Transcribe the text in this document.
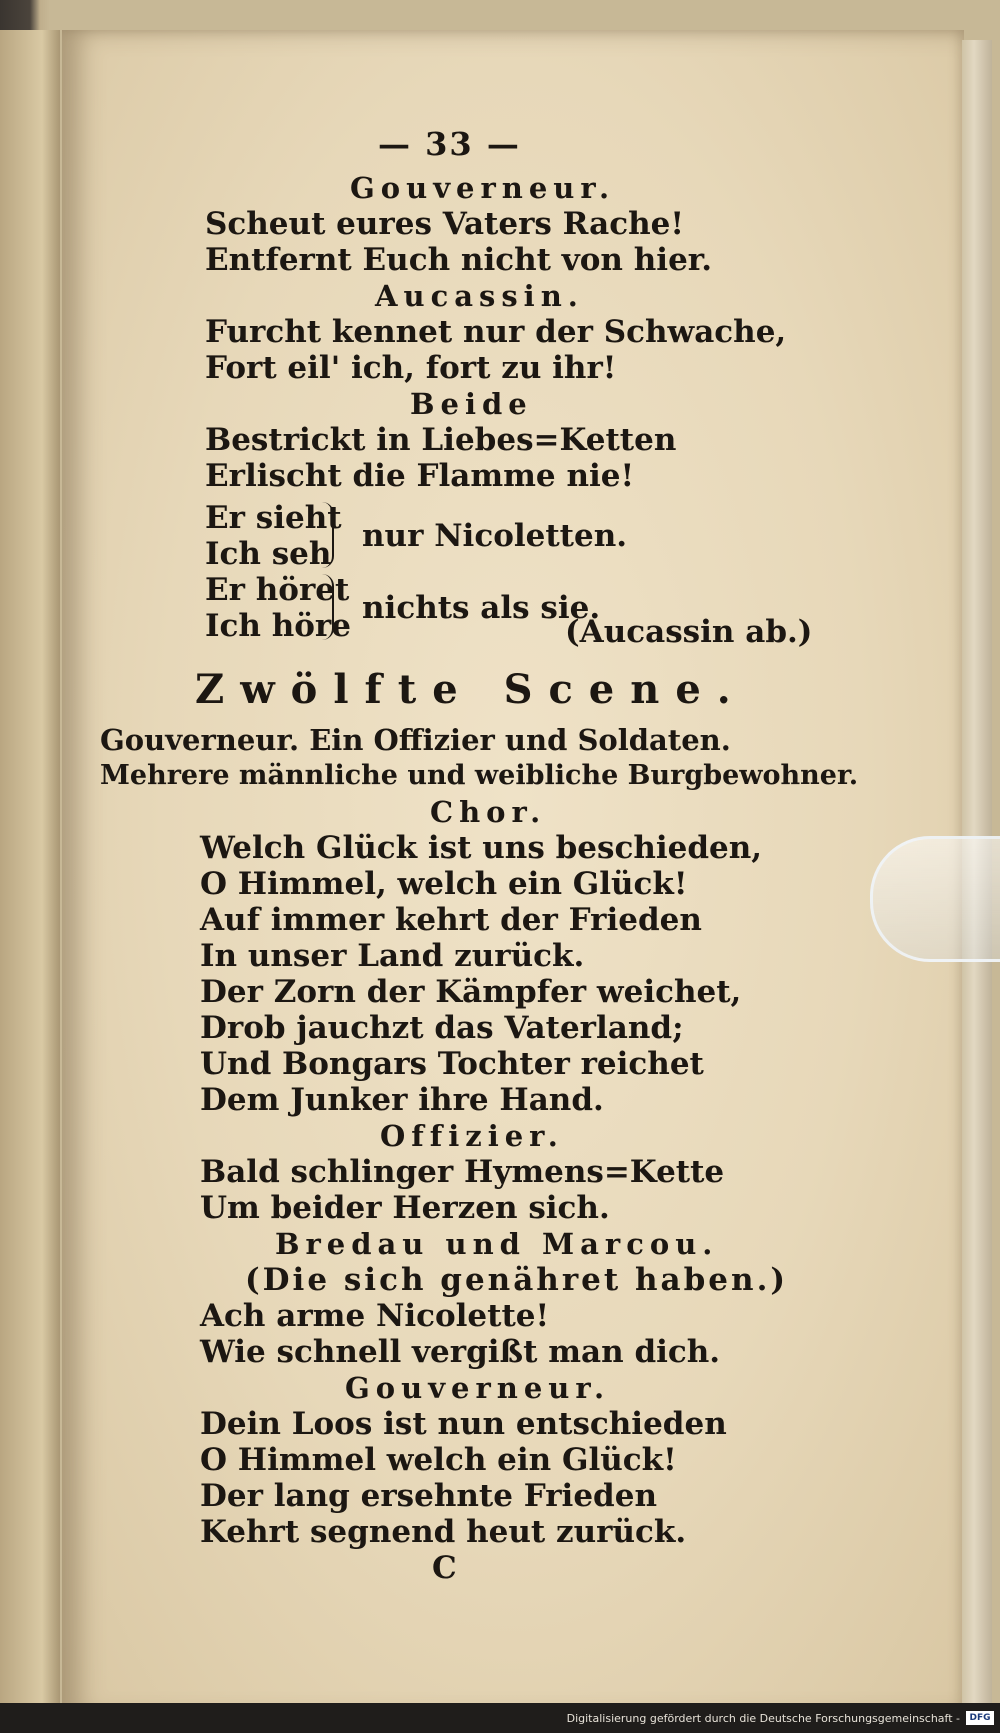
— 33 —
Gouverneur.
Scheut eures Vaters Rache!
Entfernt Euch nicht von hier.
Aucassin.
Furcht kennet nur der Schwache,
Fort eil' ich, fort zu ihr!
Beide
Bestrickt in Liebes=Ketten
Erlischt die Flamme nie!
Er sieht
Ich seh nur Nicoletten.
Er höret
Ich höre nichts als sie.
(Aucassin ab.)
Zwölfte Scene.
Gouverneur. Ein Offizier und Soldaten.
Mehrere männliche und weibliche Burgbewohner.
Chor.
Welch Glück ist uns beschieden,
O Himmel, welch ein Glück!
Auf immer kehrt der Frieden
In unser Land zurück.
Der Zorn der Kämpfer weichet,
Drob jauchzt das Vaterland;
Und Bongars Tochter reichet
Dem Junker ihre Hand.
Offizier.
Bald schlinger Hymens=Kette
Um beider Herzen sich.
Bredau und Marcou.
(Die sich genähret haben.)
Ach arme Nicolette!
Wie schnell vergißt man dich.
Gouverneur.
Dein Loos ist nun entschieden
O Himmel welch ein Glück!
Der lang ersehnte Frieden
Kehrt segnend heut zurück.
C
Digitalisierung gefördert durch die Deutsche Forschungsgemeinschaft -	DFG
